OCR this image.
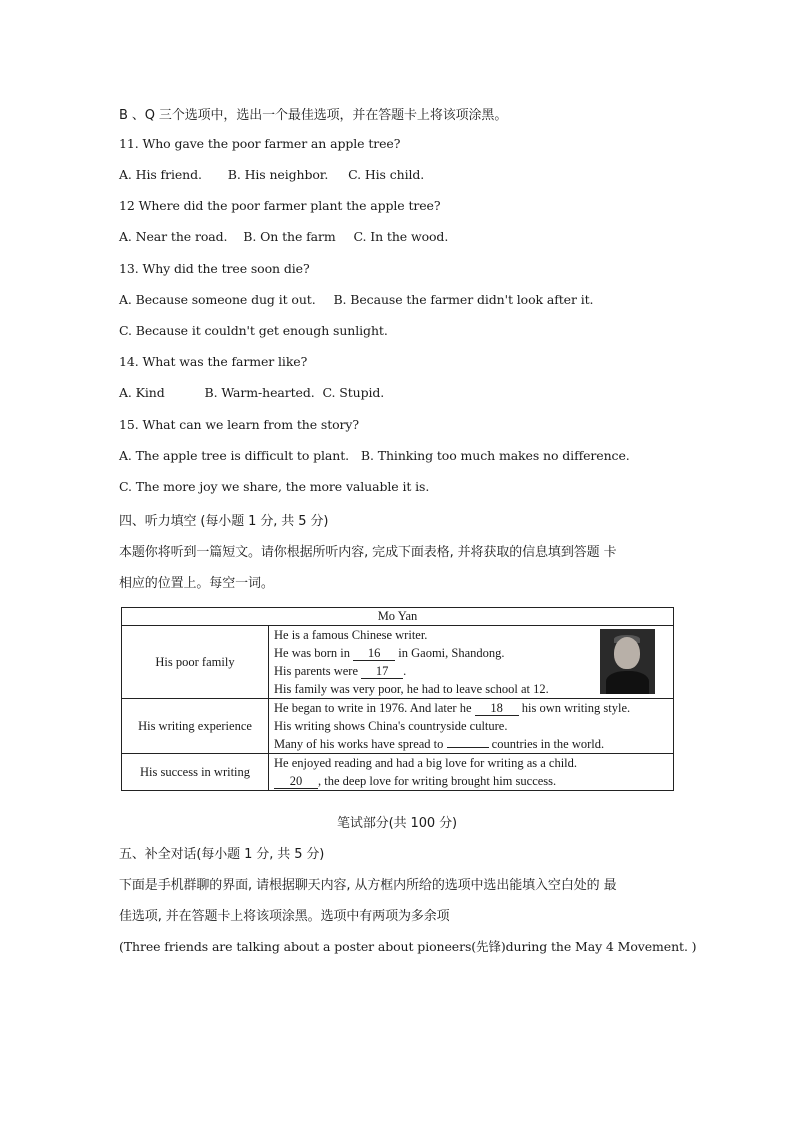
B 、Q 三个选项中，选出一个最佳选项，并在答题卡上将该项涂黑。
11. Who gave the poor farmer an apple tree?
A. His friend. B. His neighbor. C. His child.
12 Where did the poor farmer plant the apple tree?
A. Near the road. B. On the farm C. In the wood.
13. Why did the tree soon die?
A. Because someone dug it out. B. Because the farmer didn't look after it.
C. Because it couldn't get enough sunlight.
14. What was the farmer like?
A. Kind	B. Warm-hearted. C. Stupid.
15. What can we learn from the story?
A. The apple tree is difficult to plant. B. Thinking too much makes no difference.
C. The more joy we share, the more valuable it is.
四、听力填空 (每小题 1 分, 共 5 分)
本题你将听到一篇短文。请你根据所听内容, 完成下面表格, 并将获取的信息填到答题 卡
相应的位置上。每空一词。
Mo Yan	
His poor family	He is a famous Chinese writer.
He was born in 16 in Gaomi, Shandong.
His parents were 17 .
His family was very poor, he had to leave school at 12.

His writing experience	He began to write in 1976. And later he 18 his own writing style.
His writing shows China's countryside culture.
Many of his works have spread to countries in the world.

His success in writing	He enjoyed reading and had a big love for writing as a child.
20 , the deep love for writing brought him success.
笔试部分(共 100 分)
五、补全对话(每小题 1 分, 共 5 分)
下面是手机群聊的界面, 请根据聊天内容, 从方框内所给的选项中选出能填入空白处的 最
佳选项, 并在答题卡上将该项涂黑。选项中有两项为多余项
(Three friends are talking about a poster about pioneers(先锋)during the May 4 Movement. )
